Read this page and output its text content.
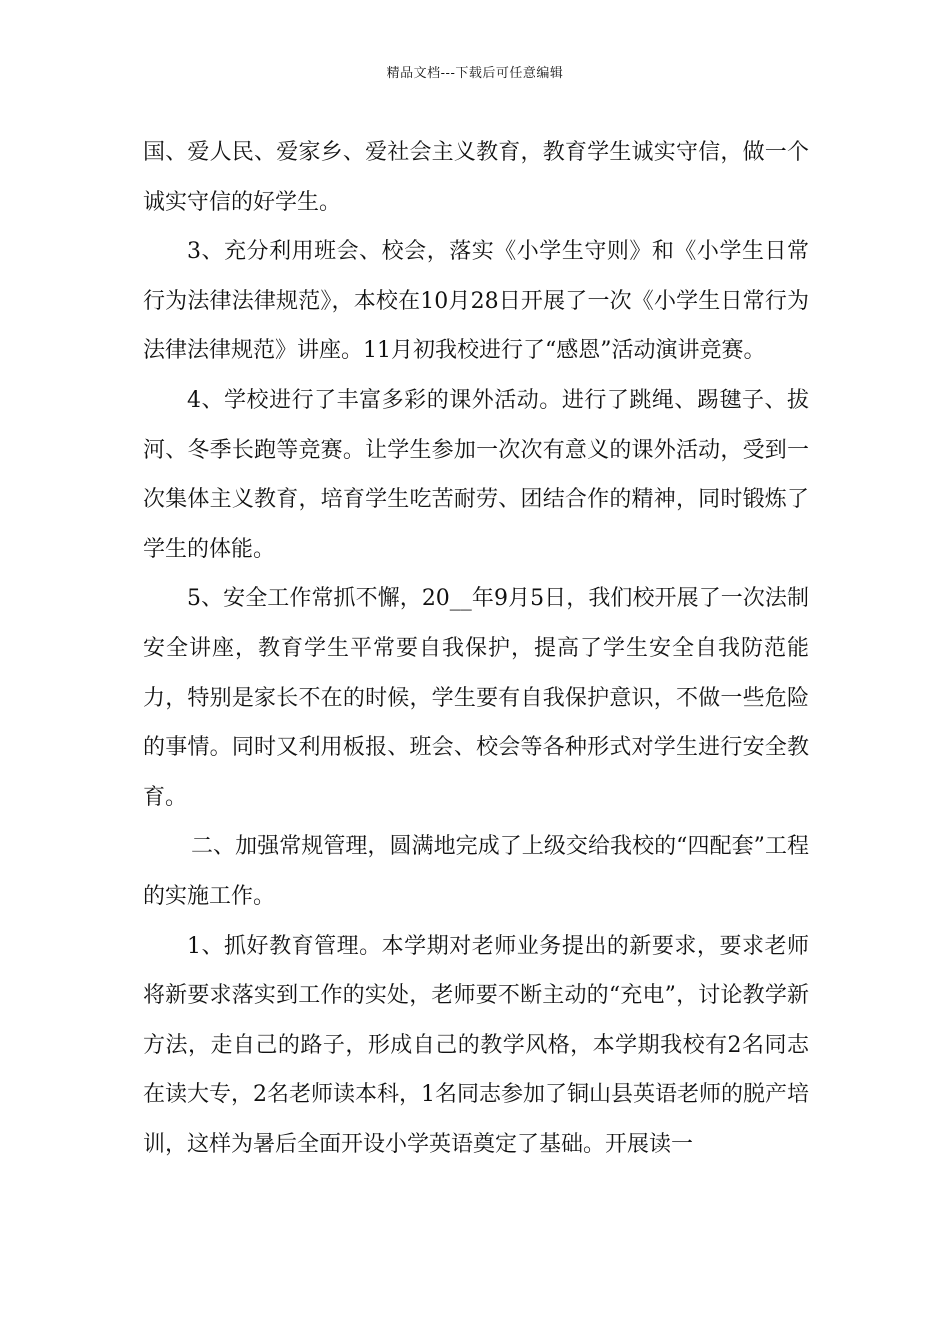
精品文档---下载后可任意编辑

国、爱人民、爱家乡、爱社会主义教育，教育学生诚实守信，做一个诚实守信的好学生。

3、充分利用班会、校会，落实《小学生守则》和《小学生日常行为法律法律规范》，本校在10月28日开展了一次《小学生日常行为法律法律规范》讲座。11月初我校进行了“感恩”活动演讲竞赛。

4、学校进行了丰富多彩的课外活动。进行了跳绳、踢毽子、拔河、冬季长跑等竞赛。让学生参加一次次有意义的课外活动，受到一次集体主义教育，培育学生吃苦耐劳、团结合作的精神，同时锻炼了学生的体能。

5、安全工作常抓不懈，20__年9月5日，我们校开展了一次法制安全讲座，教育学生平常要自我保护，提高了学生安全自我防范能力，特别是家长不在的时候，学生要有自我保护意识，不做一些危险的事情。同时又利用板报、班会、校会等各种形式对学生进行安全教育。

二、加强常规管理，圆满地完成了上级交给我校的“四配套”工程的实施工作。

1、抓好教育管理。本学期对老师业务提出的新要求，要求老师将新要求落实到工作的实处，老师要不断主动的“充电”，讨论教学新方法，走自己的路子，形成自己的教学风格，本学期我校有2名同志在读大专，2名老师读本科，1名同志参加了铜山县英语老师的脱产培训，这样为暑后全面开设小学英语奠定了基础。开展读一
